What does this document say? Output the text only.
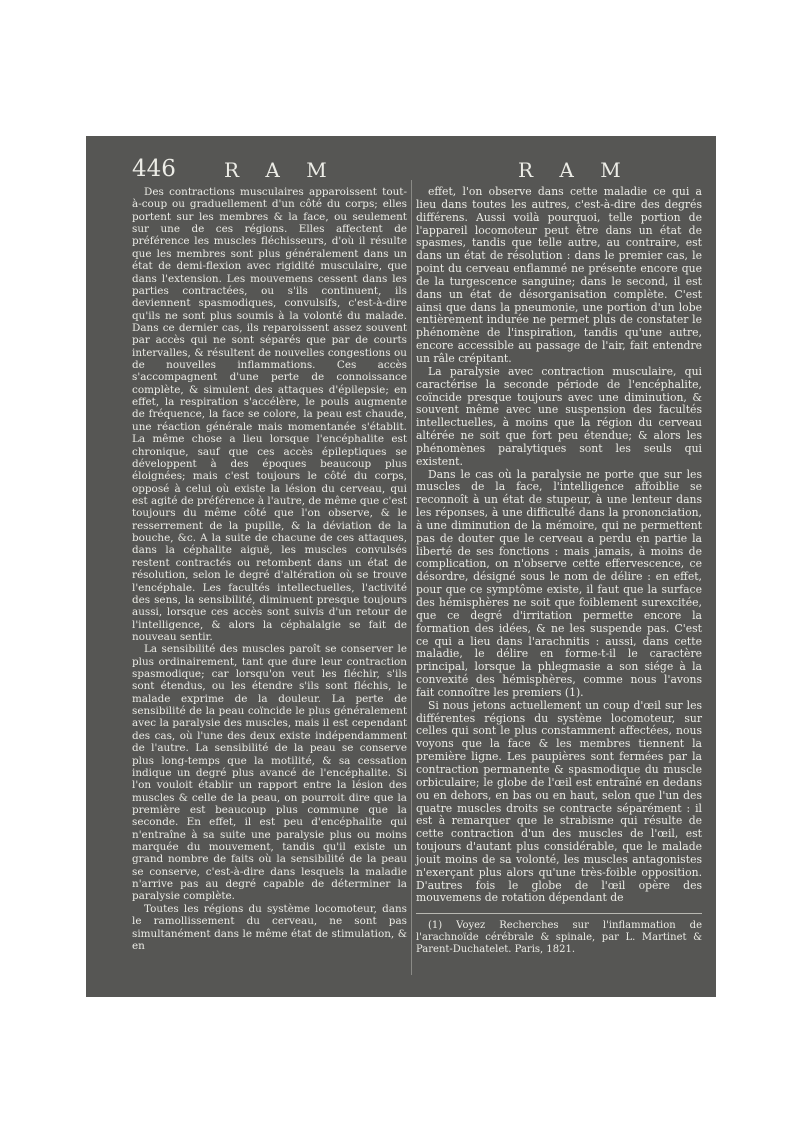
446 R A M	R A M

Des contractions musculaires apparoissent tout-à-coup ou graduellement d'un côté du corps; elles portent sur les membres & la face, ou seulement sur une de ces régions. Elles affectent de préférence les muscles fléchisseurs, d'où il résulte que les membres sont plus généralement dans un état de demi-flexion avec rigidité musculaire, que dans l'extension. Les mouvemens cessent dans les parties contractées, ou s'ils continuent, ils deviennent spasmodiques, convulsifs, c'est-à-dire qu'ils ne sont plus soumis à la volonté du malade. Dans ce dernier cas, ils reparoissent assez souvent par accès qui ne sont séparés que par de courts intervalles, & résultent de nouvelles congestions ou de nouvelles inflammations. Ces accès s'accompagnent d'une perte de connoissance complète, & simulent des attaques d'épilepsie; en effet, la respiration s'accélère, le pouls augmente de fréquence, la face se colore, la peau est chaude, une réaction générale mais momentanée s'établit. La même chose a lieu lorsque l'encéphalite est chronique, sauf que ces accès épileptiques se développent à des époques beaucoup plus éloignées; mais c'est toujours le côté du corps, opposé à celui où existe la lésion du cerveau, qui est agité de préférence à l'autre, de même que c'est toujours du même côté que l'on observe, & le resserrement de la pupille, & la déviation de la bouche, &c. A la suite de chacune de ces attaques, dans la céphalite aiguë, les muscles convulsés restent contractés ou retombent dans un état de résolution, selon le degré d'altération où se trouve l'encéphale. Les facultés intellectuelles, l'activité des sens, la sensibilité, diminuent presque toujours aussi, lorsque ces accès sont suivis d'un retour de l'intelligence, & alors la céphalalgie se fait de nouveau sentir.

La sensibilité des muscles paroît se conserver le plus ordinairement, tant que dure leur contraction spasmodique; car lorsqu'on veut les fléchir, s'ils sont étendus, ou les étendre s'ils sont fléchis, le malade exprime de la douleur. La perte de sensibilité de la peau coïncide le plus généralement avec la paralysie des muscles, mais il est cependant des cas, où l'une des deux existe indépendamment de l'autre. La sensibilité de la peau se conserve plus long-temps que la motilité, & sa cessation indique un degré plus avancé de l'encéphalite. Si l'on vouloit établir un rapport entre la lésion des muscles & celle de la peau, on pourroit dire que la première est beaucoup plus commune que la seconde. En effet, il est peu d'encéphalite qui n'entraîne à sa suite une paralysie plus ou moins marquée du mouvement, tandis qu'il existe un grand nombre de faits où la sensibilité de la peau se conserve, c'est-à-dire dans lesquels la maladie n'arrive pas au degré capable de déterminer la paralysie complète.

Toutes les régions du système locomoteur, dans le ramollissement du cerveau, ne sont pas simultanément dans le même état de stimulation, & en

effet, l'on observe dans cette maladie ce qui a lieu dans toutes les autres, c'est-à-dire des degrés différens. Aussi voilà pourquoi, telle portion de l'appareil locomoteur peut être dans un état de spasmes, tandis que telle autre, au contraire, est dans un état de résolution : dans le premier cas, le point du cerveau enflammé ne présente encore que de la turgescence sanguine; dans le second, il est dans un état de désorganisation complète. C'est ainsi que dans la pneumonie, une portion d'un lobe entièrement indurée ne permet plus de constater le phénomène de l'inspiration, tandis qu'une autre, encore accessible au passage de l'air, fait entendre un râle crépitant.

La paralysie avec contraction musculaire, qui caractérise la seconde période de l'encéphalite, coïncide presque toujours avec une diminution, & souvent même avec une suspension des facultés intellectuelles, à moins que la région du cerveau altérée ne soit que fort peu étendue; & alors les phénomènes paralytiques sont les seuls qui existent.

Dans le cas où la paralysie ne porte que sur les muscles de la face, l'intelligence affoiblie se reconnoît à un état de stupeur, à une lenteur dans les réponses, à une difficulté dans la prononciation, à une diminution de la mémoire, qui ne permettent pas de douter que le cerveau a perdu en partie la liberté de ses fonctions : mais jamais, à moins de complication, on n'observe cette effervescence, ce désordre, désigné sous le nom de délire : en effet, pour que ce symptôme existe, il faut que la surface des hémisphères ne soit que foiblement surexcitée, que ce degré d'irritation permette encore la formation des idées, & ne les suspende pas. C'est ce qui a lieu dans l'arachnitis : aussi, dans cette maladie, le délire en forme-t-il le caractère principal, lorsque la phlegmasie a son siége à la convexité des hémisphères, comme nous l'avons fait connoître les premiers (1).

Si nous jetons actuellement un coup d'œil sur les différentes régions du système locomoteur, sur celles qui sont le plus constamment affectées, nous voyons que la face & les membres tiennent la première ligne. Les paupières sont fermées par la contraction permanente & spasmodique du muscle orbiculaire; le globe de l'œil est entraîné en dedans ou en dehors, en bas ou en haut, selon que l'un des quatre muscles droits se contracte séparément : il est à remarquer que le strabisme qui résulte de cette contraction d'un des muscles de l'œil, est toujours d'autant plus considérable, que le malade jouit moins de sa volonté, les muscles antagonistes n'exerçant plus alors qu'une très-foible opposition. D'autres fois le globe de l'œil opère des mouvemens de rotation dépendant de

(1) Voyez Recherches sur l'inflammation de l'arachnoïde cérébrale & spinale, par L. Martinet & Parent-Duchatelet. Paris, 1821.
